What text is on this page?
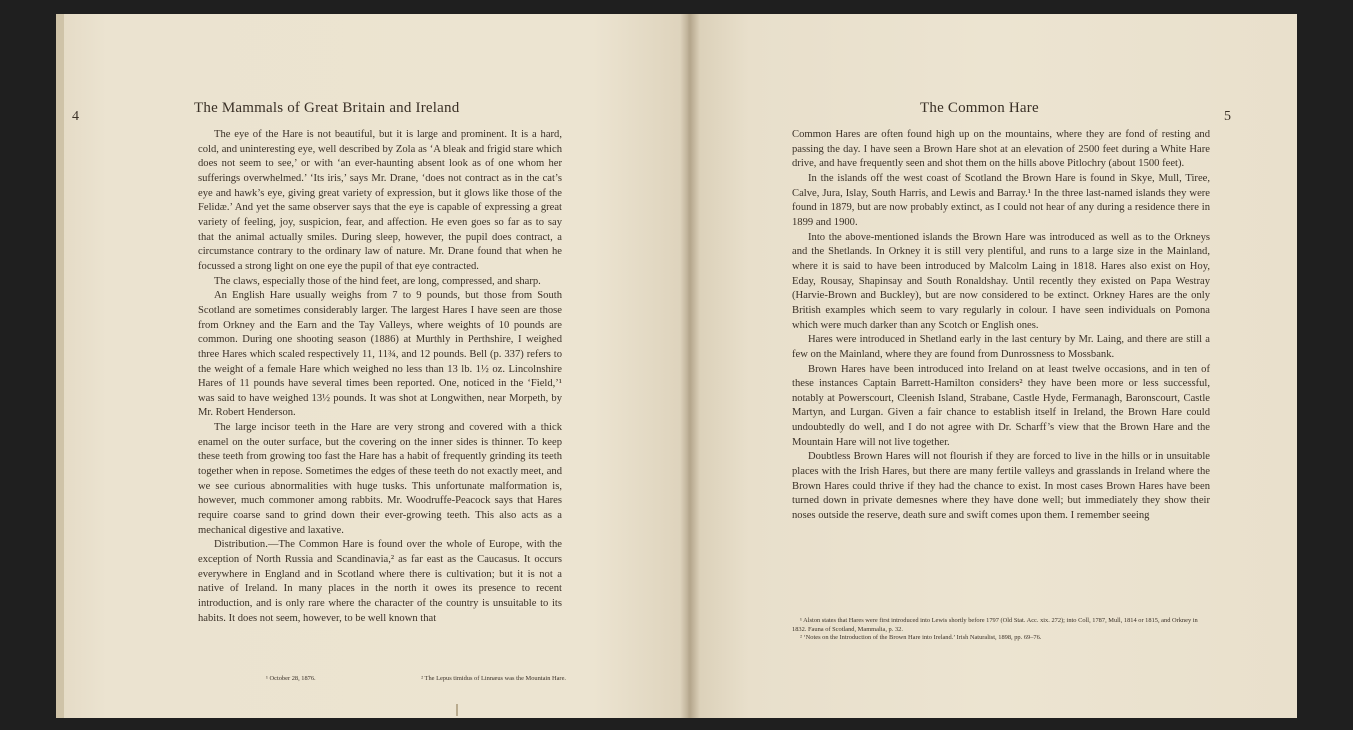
4
The Mammals of Great Britain and Ireland

The eye of the Hare is not beautiful, but it is large and prominent. It is a hard, cold, and uninteresting eye, well described by Zola as ‘A bleak and frigid stare which does not seem to see,’ or with ‘an ever-haunting absent look as of one whom her sufferings overwhelmed.’ ‘Its iris,’ says Mr. Drane, ‘does not contract as in the cat’s eye and hawk’s eye, giving great variety of expression, but it glows like those of the Felidæ.’ And yet the same observer says that the eye is capable of expressing a great variety of feeling, joy, suspicion, fear, and affection. He even goes so far as to say that the animal actually smiles. During sleep, however, the pupil does contract, a circumstance contrary to the ordinary law of nature. Mr. Drane found that when he focussed a strong light on one eye the pupil of that eye contracted.

The claws, especially those of the hind feet, are long, compressed, and sharp.

An English Hare usually weighs from 7 to 9 pounds, but those from South Scotland are sometimes considerably larger. The largest Hares I have seen are those from Orkney and the Earn and the Tay Valleys, where weights of 10 pounds are common. During one shooting season (1886) at Murthly in Perthshire, I weighed three Hares which scaled respectively 11, 11¾, and 12 pounds. Bell (p. 337) refers to the weight of a female Hare which weighed no less than 13 lb. 1½ oz. Lincolnshire Hares of 11 pounds have several times been reported. One, noticed in the ‘Field,’¹ was said to have weighed 13½ pounds. It was shot at Longwithen, near Morpeth, by Mr. Robert Henderson.

The large incisor teeth in the Hare are very strong and covered with a thick enamel on the outer surface, but the covering on the inner sides is thinner. To keep these teeth from growing too fast the Hare has a habit of frequently grinding its teeth together when in repose. Sometimes the edges of these teeth do not exactly meet, and we see curious abnormalities with huge tusks. This unfortunate malformation is, however, much commoner among rabbits. Mr. Woodruffe-Peacock says that Hares require coarse sand to grind down their ever-growing teeth. This also acts as a mechanical digestive and laxative.

Distribution.—The Common Hare is found over the whole of Europe, with the exception of North Russia and Scandinavia,² as far east as the Caucasus. It occurs everywhere in England and in Scotland where there is cultivation; but it is not a native of Ireland. In many places in the north it owes its presence to recent introduction, and is only rare where the character of the country is unsuitable to its habits. It does not seem, however, to be well known that

¹ October 28, 1876.	² The Lepus timidus of Linnæus was the Mountain Hare.
The Common Hare
5

Common Hares are often found high up on the mountains, where they are fond of resting and passing the day. I have seen a Brown Hare shot at an elevation of 2500 feet during a White Hare drive, and have frequently seen and shot them on the hills above Pitlochry (about 1500 feet).

In the islands off the west coast of Scotland the Brown Hare is found in Skye, Mull, Tiree, Calve, Jura, Islay, South Harris, and Lewis and Barray.¹ In the three last-named islands they were found in 1879, but are now probably extinct, as I could not hear of any during a residence there in 1899 and 1900.

Into the above-mentioned islands the Brown Hare was introduced as well as to the Orkneys and the Shetlands. In Orkney it is still very plentiful, and runs to a large size in the Mainland, where it is said to have been introduced by Malcolm Laing in 1818. Hares also exist on Hoy, Eday, Rousay, Shapinsay and South Ronaldshay. Until recently they existed on Papa Westray (Harvie-Brown and Buckley), but are now considered to be extinct. Orkney Hares are the only British examples which seem to vary regularly in colour. I have seen individuals on Pomona which were much darker than any Scotch or English ones.

Hares were introduced in Shetland early in the last century by Mr. Laing, and there are still a few on the Mainland, where they are found from Dunrossness to Mossbank.

Brown Hares have been introduced into Ireland on at least twelve occasions, and in ten of these instances Captain Barrett-Hamilton considers² they have been more or less successful, notably at Powerscourt, Cleenish Island, Strabane, Castle Hyde, Fermanagh, Baronscourt, Castle Martyn, and Lurgan. Given a fair chance to establish itself in Ireland, the Brown Hare could undoubtedly do well, and I do not agree with Dr. Scharff’s view that the Brown Hare and the Mountain Hare will not live together.

Doubtless Brown Hares will not flourish if they are forced to live in the hills or in unsuitable places with the Irish Hares, but there are many fertile valleys and grasslands in Ireland where the Brown Hares could thrive if they had the chance to exist. In most cases Brown Hares have been turned down in private demesnes where they have done well; but immediately they show their noses outside the reserve, death sure and swift comes upon them. I remember seeing

¹ Alston states that Hares were first introduced into Lewis shortly before 1797 (Old Stat. Acc. xix. 272); into Coll, 1787, Mull, 1814 or 1815, and Orkney in 1832. Fauna of Scotland, Mammalia, p. 32.

² ‘Notes on the Introduction of the Brown Hare into Ireland.’ Irish Naturalist, 1898, pp. 69–76.
